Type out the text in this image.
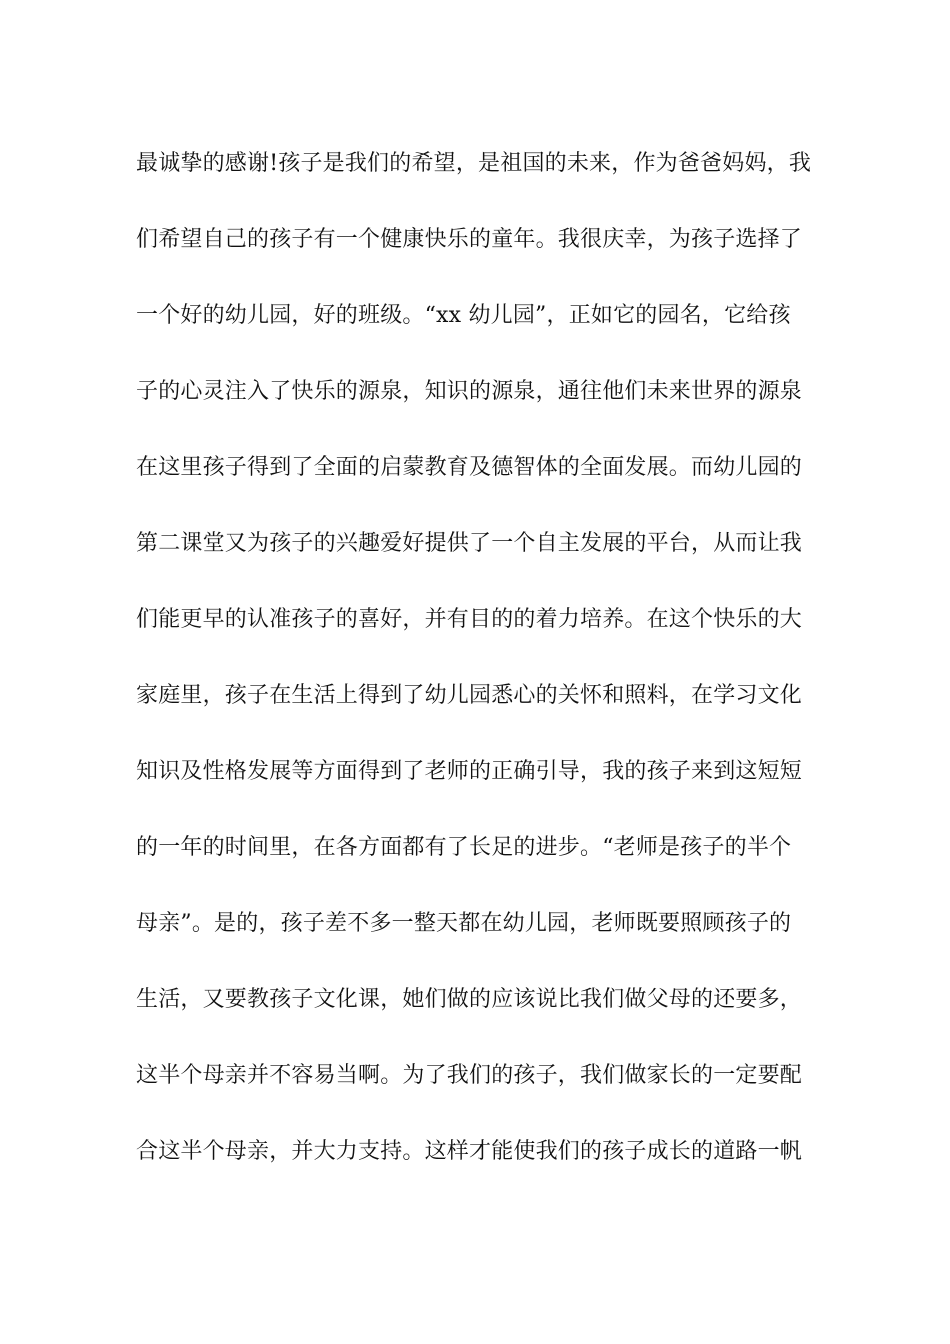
最诚挚的感谢!孩子是我们的希望，是祖国的未来，作为爸爸妈妈，我
们希望自己的孩子有一个健康快乐的童年。我很庆幸，为孩子选择了
一个好的幼儿园，好的班级。“xx 幼儿园”，正如它的园名，它给孩
子的心灵注入了快乐的源泉，知识的源泉，通往他们未来世界的源泉
在这里孩子得到了全面的启蒙教育及德智体的全面发展。而幼儿园的
第二课堂又为孩子的兴趣爱好提供了一个自主发展的平台，从而让我
们能更早的认准孩子的喜好，并有目的的着力培养。在这个快乐的大
家庭里，孩子在生活上得到了幼儿园悉心的关怀和照料，在学习文化
知识及性格发展等方面得到了老师的正确引导，我的孩子来到这短短
的一年的时间里，在各方面都有了长足的进步。“老师是孩子的半个
母亲”。是的，孩子差不多一整天都在幼儿园，老师既要照顾孩子的
生活，又要教孩子文化课，她们做的应该说比我们做父母的还要多，
这半个母亲并不容易当啊。为了我们的孩子，我们做家长的一定要配
合这半个母亲，并大力支持。这样才能使我们的孩子成长的道路一帆
